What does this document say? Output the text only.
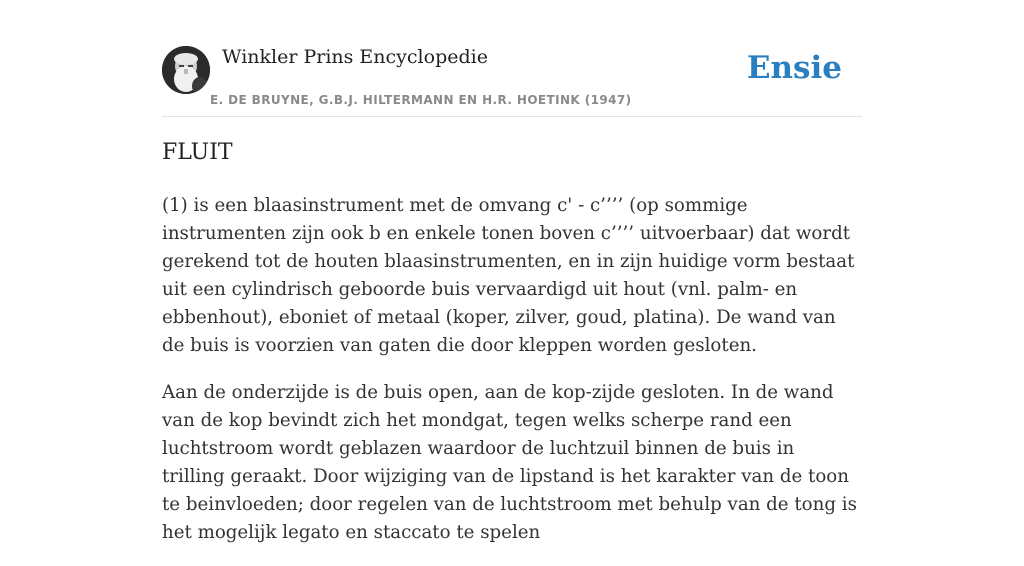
Winkler Prins Encyclopedie
E. DE BRUYNE, G.B.J. HILTERMANN EN H.R. HOETINK (1947)
Ensie
FLUIT

(1) is een blaasinstrument met de omvang c' - c’’’’ (op sommige instrumenten zijn ook b en enkele tonen boven c’’’’ uitvoerbaar) dat wordt gerekend tot de houten blaasinstrumenten, en in zijn huidige vorm bestaat uit een cylindrisch geboorde buis vervaardigd uit hout (vnl. palm- en ebbenhout), eboniet of metaal (koper, zilver, goud, platina). De wand van de buis is voorzien van gaten die door kleppen worden gesloten.

Aan de onderzijde is de buis open, aan de kop-zijde gesloten. In de wand van de kop bevindt zich het mondgat, tegen welks scherpe rand een luchtstroom wordt geblazen waardoor de luchtzuil binnen de buis in trilling geraakt. Door wijziging van de lipstand is het karakter van de toon te beinvloeden; door regelen van de luchtstroom met behulp van de tong is het mogelijk legato en staccato te spelen
